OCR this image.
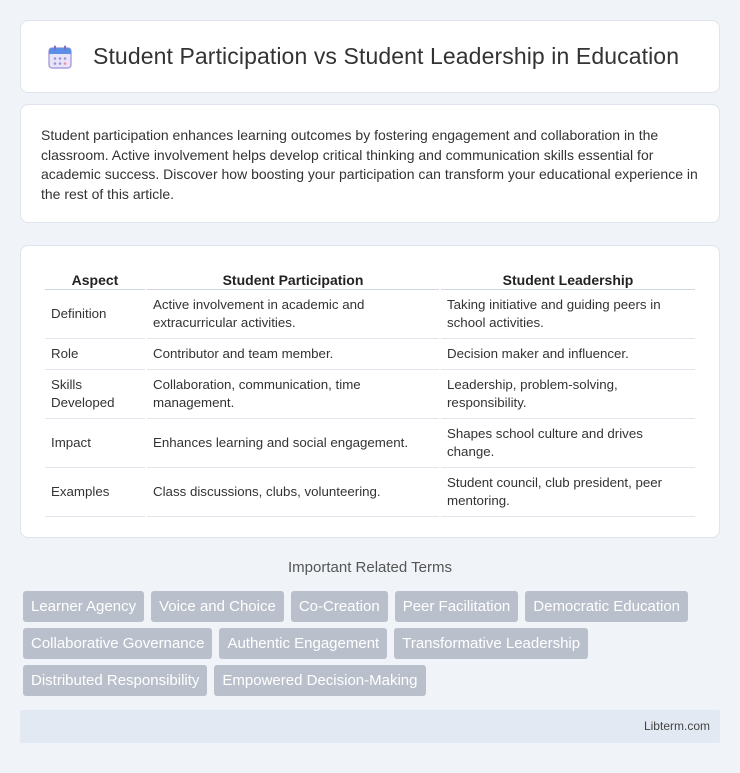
Student Participation vs Student Leadership in Education

Student participation enhances learning outcomes by fostering engagement and collaboration in the classroom. Active involvement helps develop critical thinking and communication skills essential for academic success. Discover how boosting your participation can transform your educational experience in the rest of this article.

Aspect	Student Participation	Student Leadership
Definition	Active involvement in academic and extracurricular activities.	Taking initiative and guiding peers in school activities.
Role	Contributor and team member.	Decision maker and influencer.
Skills Developed	Collaboration, communication, time management.	Leadership, problem-solving, responsibility.
Impact	Enhances learning and social engagement.	Shapes school culture and drives change.
Examples	Class discussions, clubs, volunteering.	Student council, club president, peer mentoring.
Important Related Terms
Learner Agency	Voice and Choice	Co-Creation	Peer Facilitation	Democratic Education
Collaborative Governance	Authentic Engagement	Transformative Leadership
Distributed Responsibility	Empowered Decision-Making
Libterm.com
